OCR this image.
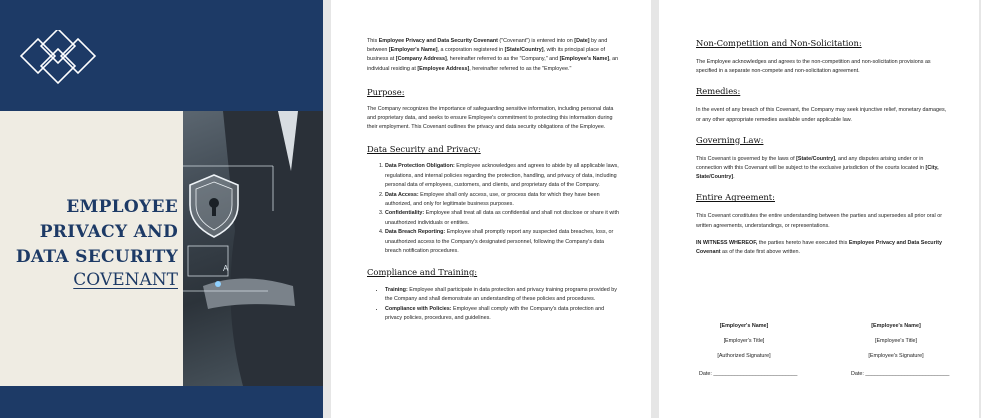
A
EMPLOYEE
PRIVACY AND
DATA SECURITY
COVENANT

This Employee Privacy and Data Security Covenant ("Covenant") is entered into on [Date] by and between [Employer's Name], a corporation registered in [State/Country], with its principal place of business at [Company Address], hereinafter referred to as the "Company," and [Employee's Name], an individual residing at [Employee Address], hereinafter referred to as the "Employee."

Purpose:

The Company recognizes the importance of safeguarding sensitive information, including personal data and proprietary data, and seeks to ensure Employee's commitment to protecting this information during their employment. This Covenant outlines the privacy and data security obligations of the Employee.

Data Security and Privacy:

1. Data Protection Obligation: Employee acknowledges and agrees to abide by all applicable laws, regulations, and internal policies regarding the protection, handling, and privacy of data, including personal data of employees, customers, and clients, and proprietary data of the Company.
2. Data Access: Employee shall only access, use, or process data for which they have been authorized, and only for legitimate business purposes.
3. Confidentiality: Employee shall treat all data as confidential and shall not disclose or share it with unauthorized individuals or entities.
4. Data Breach Reporting: Employee shall promptly report any suspected data breaches, loss, or unauthorized access to the Company's designated personnel, following the Company's data breach notification procedures.

Compliance and Training:

• Training: Employee shall participate in data protection and privacy training programs provided by the Company and shall demonstrate an understanding of these policies and procedures.
• Compliance with Policies: Employee shall comply with the Company's data protection and privacy policies, procedures, and guidelines.

Non-Competition and Non-Solicitation:

The Employee acknowledges and agrees to the non-competition and non-solicitation provisions as specified in a separate non-compete and non-solicitation agreement.

Remedies:

In the event of any breach of this Covenant, the Company may seek injunctive relief, monetary damages, or any other appropriate remedies available under applicable law.

Governing Law:

This Covenant is governed by the laws of [State/Country], and any disputes arising under or in connection with this Covenant will be subject to the exclusive jurisdiction of the courts located in [City, State/Country].

Entire Agreement:

This Covenant constitutes the entire understanding between the parties and supersedes all prior oral or written agreements, understandings, or representations.

IN WITNESS WHEREOF, the parties hereto have executed this Employee Privacy and Data Security Covenant as of the date first above written.

[Employer's Name]
[Employer's Title]
[Authorized Signature]
[Employee's Name]
[Employee's Title]
[Employee's Signature]
Date: ____________________________	Date: ____________________________
